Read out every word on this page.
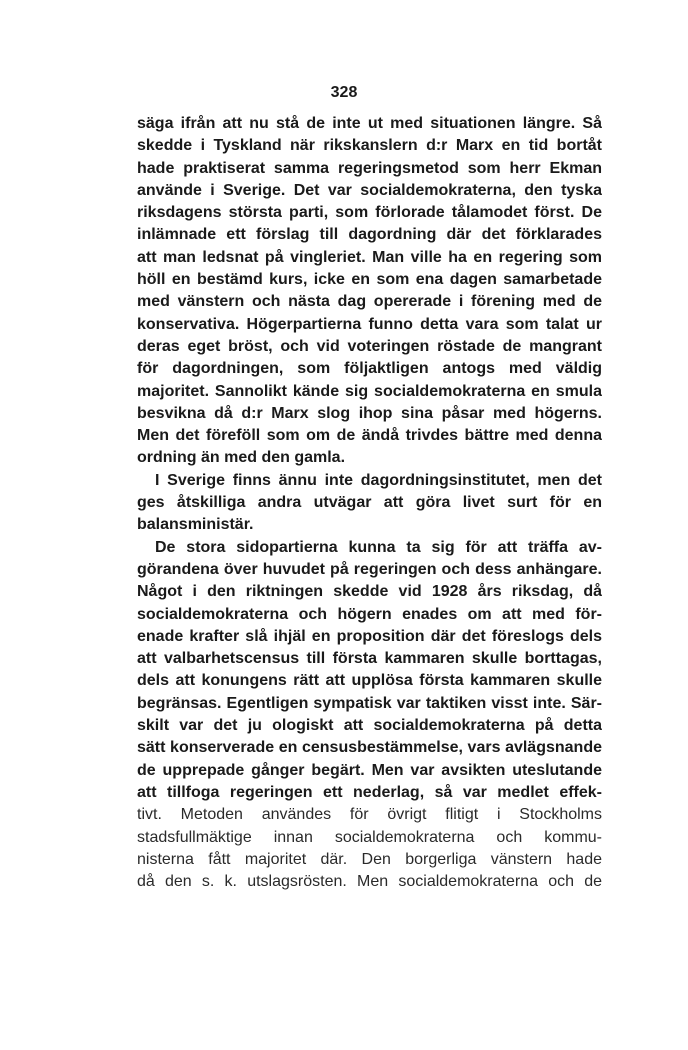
328
säga ifrån att nu stå de inte ut med situationen längre. Så
skedde i Tyskland när rikskanslern d:r Marx en tid bortåt
hade praktiserat samma regeringsmetod som herr Ekman
använde i Sverige. Det var socialdemokraterna, den tyska
riksdagens största parti, som förlorade tålamodet först. De
inlämnade ett förslag till dagordning där det förklarades
att man ledsnat på vingleriet. Man ville ha en regering som
höll en bestämd kurs, icke en som ena dagen samarbetade
med vänstern och nästa dag opererade i förening med de
konservativa. Högerpartierna funno detta vara som talat ur
deras eget bröst, och vid voteringen röstade de mangrant
för dagordningen, som följaktligen antogs med väldig
majoritet. Sannolikt kände sig socialdemokraterna en smula
besvikna då d:r Marx slog ihop sina påsar med högerns.
Men det föreföll som om de ändå trivdes bättre med denna
ordning än med den gamla.
I Sverige finns ännu inte dagordningsinstitutet, men det
ges åtskilliga andra utvägar att göra livet surt för en
balansministär.
De stora sidopartierna kunna ta sig för att träffa av-
görandena över huvudet på regeringen och dess anhängare.
Något i den riktningen skedde vid 1928 års riksdag, då
socialdemokraterna och högern enades om att med för-
enade krafter slå ihjäl en proposition där det föreslogs dels
att valbarhetscensus till första kammaren skulle borttagas,
dels att konungens rätt att upplösa första kammaren skulle
begränsas. Egentligen sympatisk var taktiken visst inte. Sär-
skilt var det ju ologiskt att socialdemokraterna på detta
sätt konserverade en censusbestämmelse, vars avlägsnande
de upprepade gånger begärt. Men var avsikten uteslutande
att tillfoga regeringen ett nederlag, så var medlet effek-
tivt. Metoden användes för övrigt flitigt i Stockholms
stadsfullmäktige innan socialdemokraterna och kommu-
nisterna fått majoritet där. Den borgerliga vänstern hade
då den s. k. utslagsrösten. Men socialdemokraterna och de
